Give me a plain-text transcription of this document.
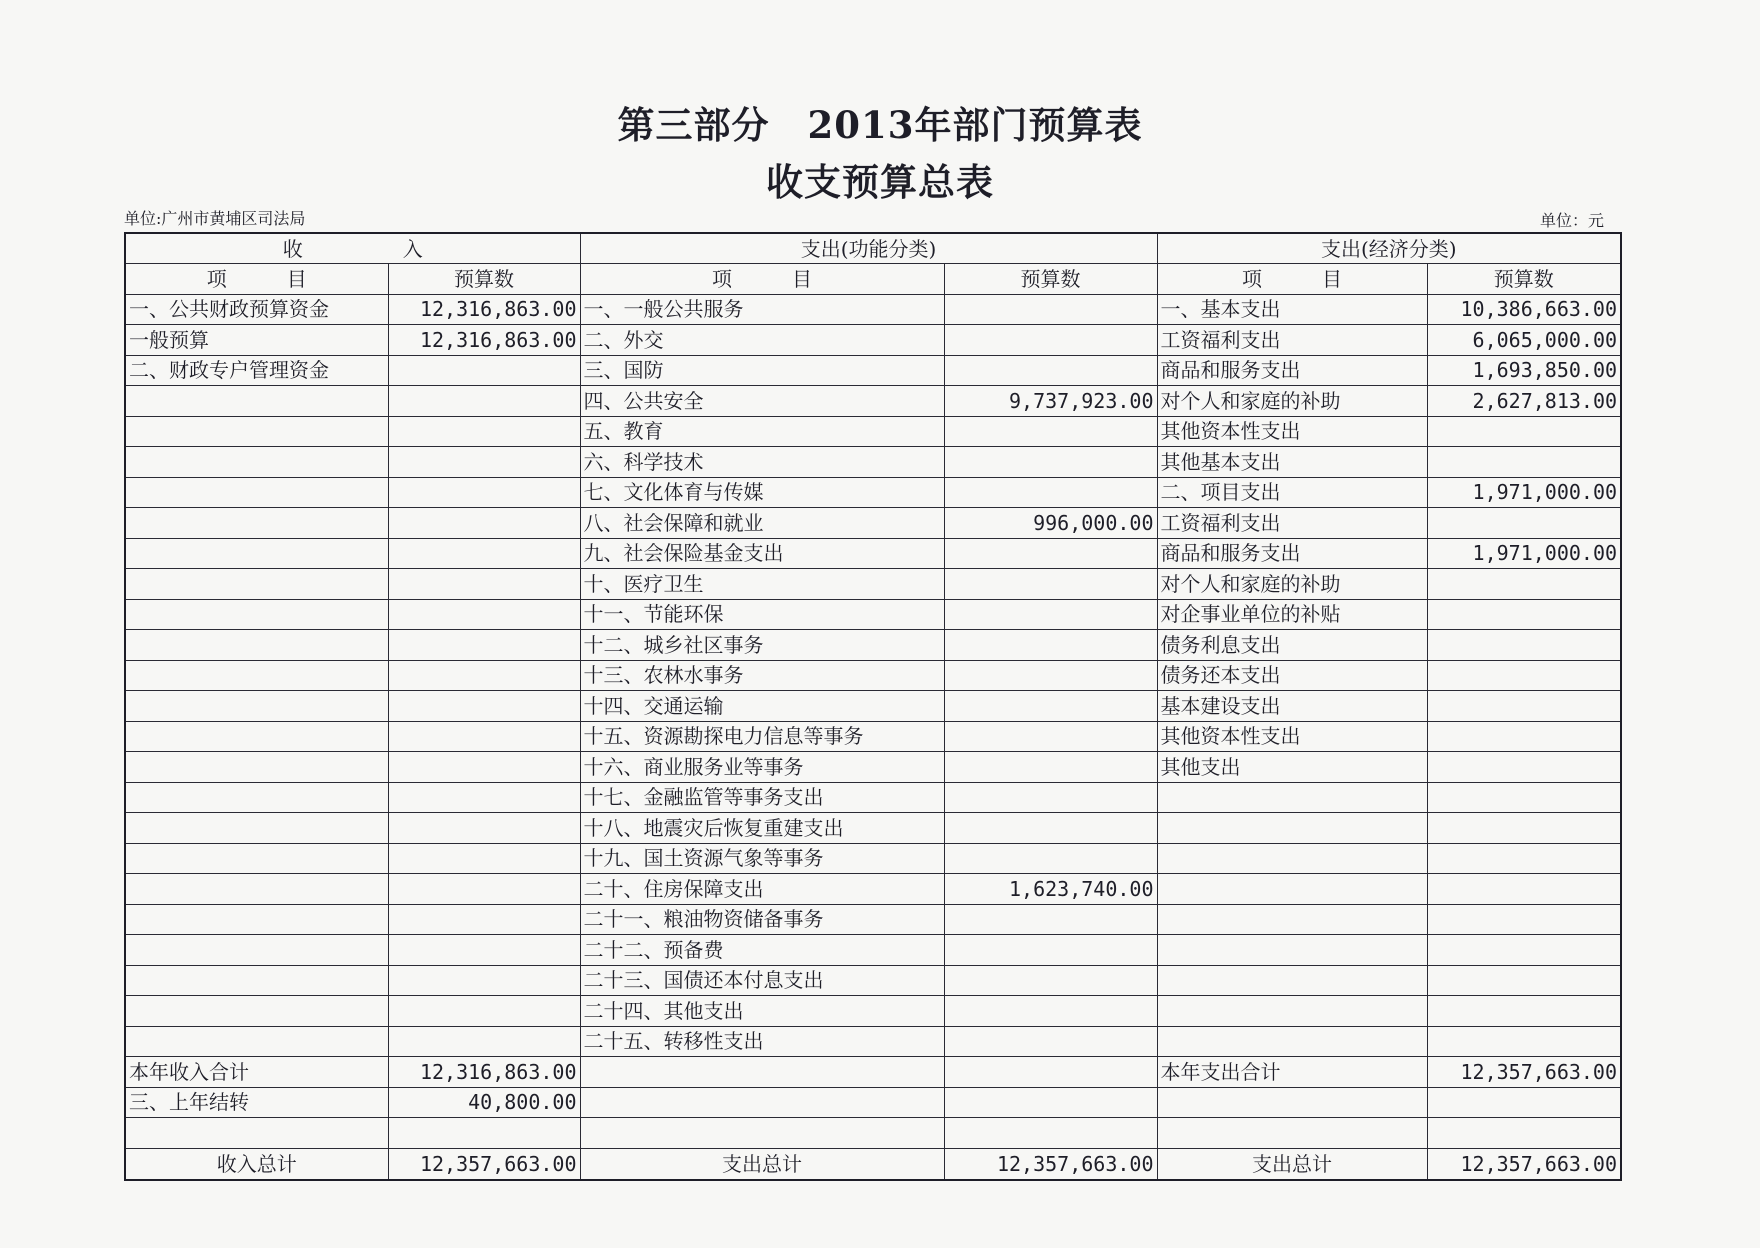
第三部分　2013年部门预算表
收支预算总表
单位:广州市黄埔区司法局	单位：元
收　　　　　入		支出(功能分类)		支出(经济分类)	
项　　　目	预算数	项　　　目	预算数	项　　　目	预算数
一、公共财政预算资金	12,316,863.00	一、一般公共服务		一、基本支出	10,386,663.00
一般预算	12,316,863.00	二、外交		工资福利支出	6,065,000.00
二、财政专户管理资金		三、国防		商品和服务支出	1,693,850.00
		四、公共安全	9,737,923.00	对个人和家庭的补助	2,627,813.00
		五、教育		其他资本性支出	
		六、科学技术		其他基本支出	
		七、文化体育与传媒		二、项目支出	1,971,000.00
		八、社会保障和就业	996,000.00	工资福利支出	
		九、社会保险基金支出		商品和服务支出	1,971,000.00
		十、医疗卫生		对个人和家庭的补助	
		十一、节能环保		对企事业单位的补贴	
		十二、城乡社区事务		债务利息支出	
		十三、农林水事务		债务还本支出	
		十四、交通运输		基本建设支出	
		十五、资源勘探电力信息等事务		其他资本性支出	
		十六、商业服务业等事务		其他支出	
		十七、金融监管等事务支出			
		十八、地震灾后恢复重建支出			
		十九、国土资源气象等事务			
		二十、住房保障支出	1,623,740.00		
		二十一、粮油物资储备事务			
		二十二、预备费			
		二十三、国债还本付息支出			
		二十四、其他支出			
		二十五、转移性支出			
本年收入合计	12,316,863.00			本年支出合计	12,357,663.00
三、上年结转	40,800.00				

收入总计	12,357,663.00	支出总计	12,357,663.00	支出总计	12,357,663.00
